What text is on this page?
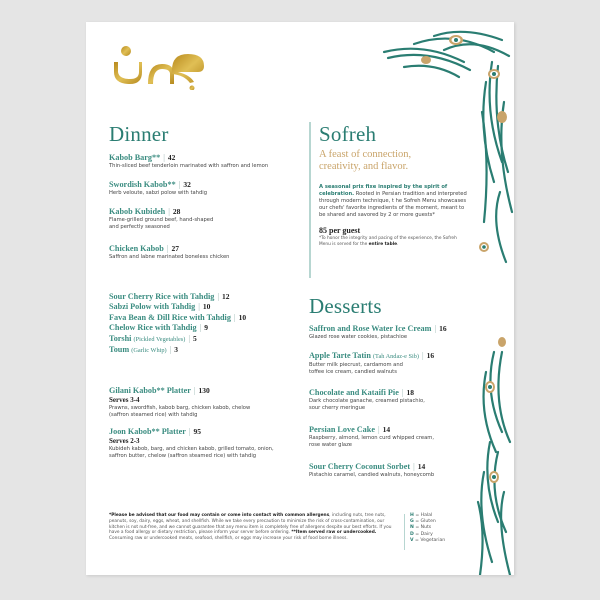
Dinner
Kabob Barg** | 42
Thin-sliced beef tenderloin marinated with saffron and lemon
Swordish Kabob** | 32
Herb veloute, sabzi polow with tahdig
Kabob Kubideh | 28
Flame-grilled ground beef, hand-shaped
and perfectly seasoned
Chicken Kabob | 27
Saffron and labne marinated boneless chicken
Sour Cherry Rice with Tahdig | 12
Sabzi Polow with Tahdig | 10
Fava Bean & Dill Rice with Tahdig | 10
Chelow Rice with Tahdig | 9
Torshi (Pickled Vegetables) | 5
Toum (Garlic Whip) | 3
Gilani Kabob** Platter | 130
Serves 3-4
Prawns, swordfish, kabob barg, chicken kabob, chelow
(saffron steamed rice) with tahdig
Joon Kabob** Platter | 95
Serves 2-3
Kubideh kabob, barg, and chicken kabob, grilled tomato, onion,
saffron butter, chelow (saffron steamed rice) with tahdig
Sofreh
A feast of connection,
creativity, and flavor.
A seasonal prix fixe inspired by the spirit of celebration. Rooted in Persian tradition and interpreted through modern technique, t he Sofreh Menu showcases our chefs' favorite ingredients of the moment, meant to be shared and savored by 2 or more guests*
85 per guest
*To honor the integrity and pacing of the experience, the Sofreh Menu is served for the entire table.
Desserts
Saffron and Rose Water Ice Cream | 16
Glazed rose water cookies, pistachioe
Apple Tarte Tatin (Tah Andaz-e Sib) | 16
Butter milk piecrust, cardamom and
toffee ice cream, candied walnuts
Chocolate and Kataifi Pie | 18
Dark chocolate ganache, creamed pistachio,
sour cherry meringue
Persian Love Cake | 14
Raspberry, almond, lemon curd whipped cream,
rose water glaze
Sour Cherry Coconut Sorbet | 14
Pistachio caramel, candied walnuts, honeycomb
*Please be advised that our food may contain or come into contact with common allergens, including nuts, tree nuts, peanuts, soy, dairy, eggs, wheat, and shellfish. While we take every precaution to minimize the risk of cross-contamination, our kitchen is not nut-free, and we cannot guarantee that any menu item is completely free of allergens despite our best efforts. If you have a food allergy or dietary restriction, please inform your server before ordering. **Item served raw or undercooked. Consuming raw or undercooked meats, seafood, shellfish, or eggs may increase your risk of food borne illness.
H = Halal
G = Gluten
N = Nuts
D = Dairy
V = Vegetarian
